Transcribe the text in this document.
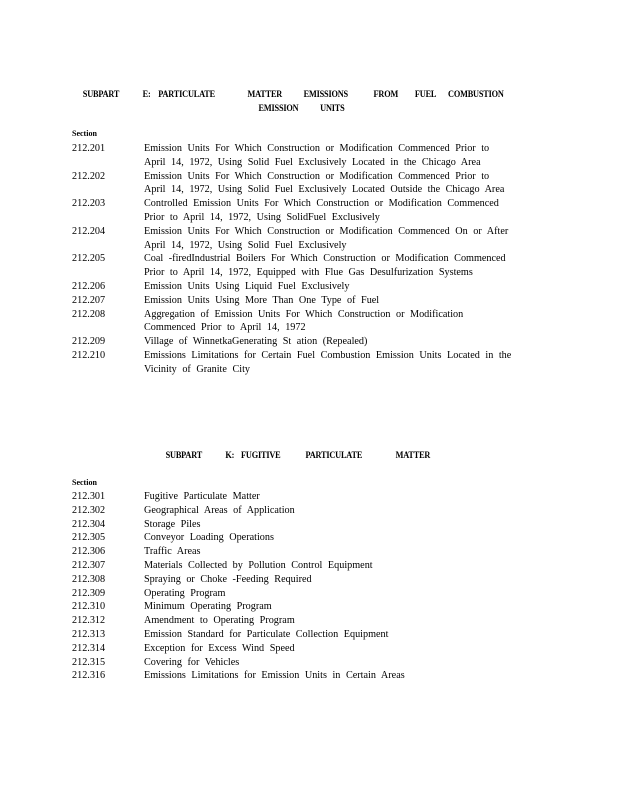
SUBPART	E: PARTICULATE	MATTER EMISSIONS	FROM FUEL COMBUSTION
EMISSION UNITS
Section
212.201	Emission Units For Which Construction or Modification Commenced Prior to April 14, 1972, Using Solid Fuel Exclusively Located in the Chicago Area
212.202	Emission Units For Which Construction or Modification Commenced Prior to April 14, 1972, Using Solid Fuel Exclusively Located Outside the Chicago Area
212.203	Controlled Emission Units For Which Construction or Modification Commenced Prior to April 14, 1972, Using SolidFuel Exclusively
212.204	Emission Units For Which Construction or Modification Commenced On or After April 14, 1972, Using Solid Fuel Exclusively
212.205	Coal -firedIndustrial Boilers For Which Construction or Modification Commenced Prior to April 14, 1972, Equipped with Flue Gas Desulfurization Systems
212.206	Emission Units Using Liquid Fuel Exclusively
212.207	Emission Units Using More Than One Type of Fuel
212.208	Aggregation of Emission Units For Which Construction or Modification Commenced Prior to April 14, 1972
212.209	Village of WinnetkaGenerating St ation (Repealed)
212.210	Emissions Limitations for Certain Fuel Combustion Emission Units Located in the Vicinity of Granite City
SUBPART	K: FUGITIVE	PARTICULATE	MATTER
Section
212.301	Fugitive Particulate Matter
212.302	Geographical Areas of Application
212.304	Storage Piles
212.305	Conveyor Loading Operations
212.306	Traffic Areas
212.307	Materials Collected by Pollution Control Equipment
212.308	Spraying or Choke -Feeding Required
212.309	Operating Program
212.310	Minimum Operating Program
212.312	Amendment to Operating Program
212.313	Emission Standard for Particulate Collection Equipment
212.314	Exception for Excess Wind Speed
212.315	Covering for Vehicles
212.316	Emissions Limitations for Emission Units in Certain Areas
